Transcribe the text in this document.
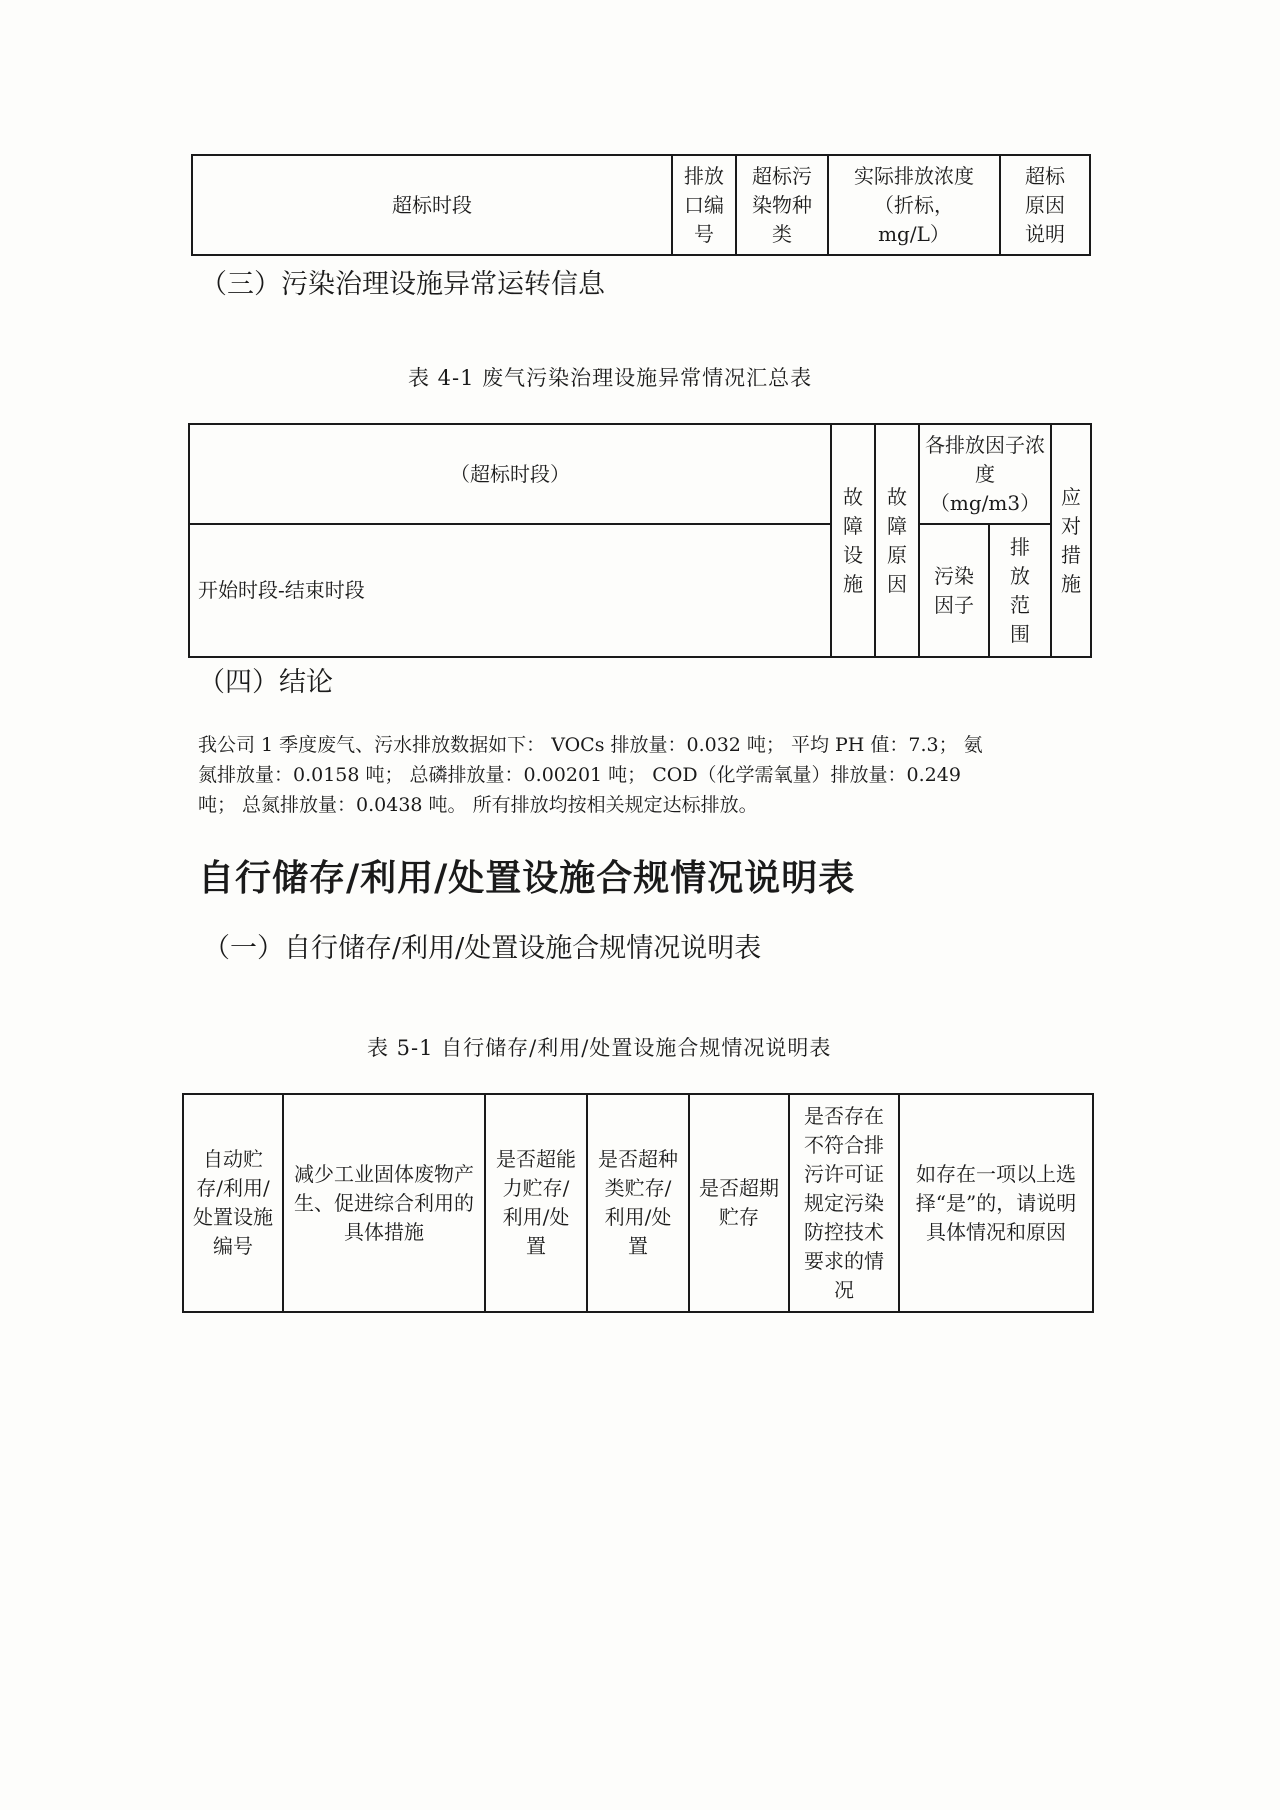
超标时段	排放口编号	超标污染物种类	实际排放浓度（折标，mg/L）	超标原因说明
（三）污染治理设施异常运转信息
表 4-1 废气污染治理设施异常情况汇总表
（超标时段）	故障设施	故障原因	各排放因子浓度（mg/m3）		应对措施
开始时段-结束时段			污染因子	排放范围	
（四）结论
我公司 1 季度废气、污水排放数据如下： VOCs 排放量：0.032 吨； 平均 PH 值：7.3； 氨
氮排放量：0.0158 吨； 总磷排放量：0.00201 吨； COD（化学需氧量）排放量：0.249
吨； 总氮排放量：0.0438 吨。 所有排放均按相关规定达标排放。
自行储存/利用/处置设施合规情况说明表
（一）自行储存/利用/处置设施合规情况说明表
表 5-1 自行储存/利用/处置设施合规情况说明表
自动贮存/利用/处置设施编号	减少工业固体废物产生、促进综合利用的具体措施	是否超能力贮存/利用/处置	是否超种类贮存/利用/处置	是否超期贮存	是否存在不符合排污许可证规定污染防控技术要求的情况	如存在一项以上选择“是”的，请说明具体情况和原因
